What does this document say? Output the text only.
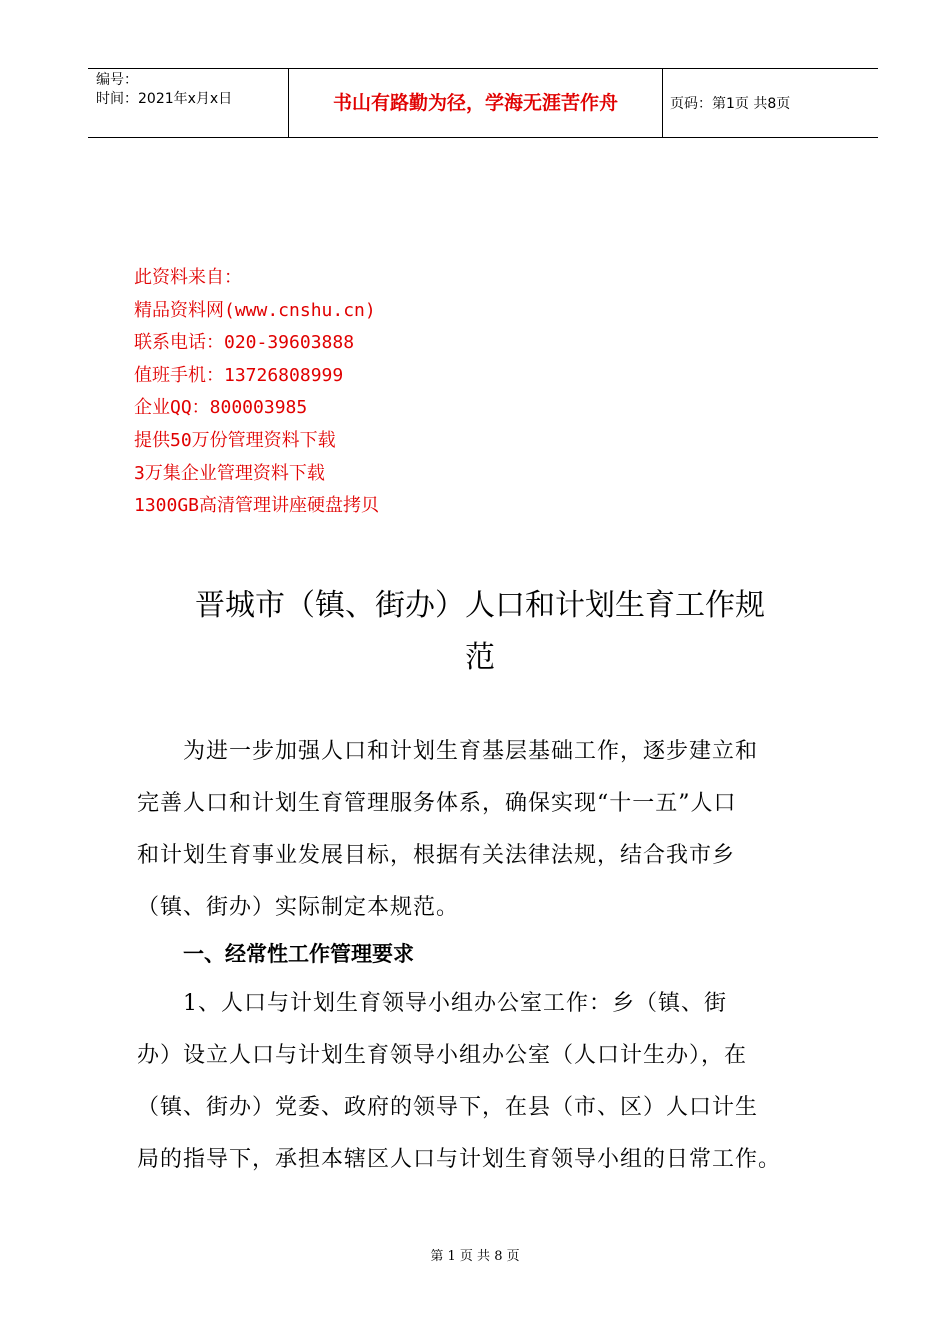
编号：
时间：2021年x月x日	书山有路勤为径，学海无涯苦作舟	页码：第1页 共8页
此资料来自：
精品资料网(www.cnshu.cn)
联系电话：020-39603888
值班手机：13726808999
企业QQ：800003985
提供50万份管理资料下载
3万集企业管理资料下载
1300GB高清管理讲座硬盘拷贝
晋城市（镇、街办）人口和计划生育工作规
范
　　为进一步加强人口和计划生育基层基础工作，逐步建立和
完善人口和计划生育管理服务体系，确保实现“十一五”人口
和计划生育事业发展目标，根据有关法律法规，结合我市乡
（镇、街办）实际制定本规范。
一、经常性工作管理要求
　　1、人口与计划生育领导小组办公室工作：乡（镇、街
办）设立人口与计划生育领导小组办公室（人口计生办），在
（镇、街办）党委、政府的领导下，在县（市、区）人口计生
局的指导下，承担本辖区人口与计划生育领导小组的日常工作。
第 1 页 共 8 页
